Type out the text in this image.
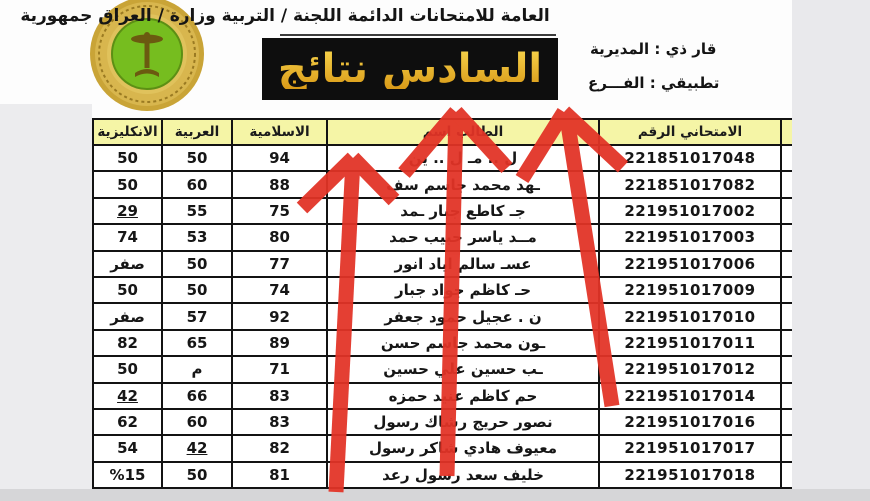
العامة للامتحانات الدائمة اللجنة / التربية وزارة / العراق جمهورية
السادس نتائج	قار ذي : المديرية
تطبيقي : الفـــرع
الانكليزية	العربية	الاسلامية	الطالب اسم	الامتحاني الرقم	
50	50	94	ل .. مـ ل .. ين	221851017048	
50	60	88	ـهد محمد جاسم سف	221851017082	
29	55	75	جـ كاطع جبار ـمد	221951017002	
74	53	80	مــد ياسر حبيب حمد	221951017003	
صفر	50	77	عسـ سالم اياد انور	221951017006	
50	50	74	حـ كاظم جواد جبار	221951017009	
صفر	57	92	ن . عجيل حمود جعفر	221951017010	
82	65	89	ـون محمد جاسم حسن	221951017011	
50	م	71	ـب حسين علي حسين	221951017012	
42	66	83	حم كاظم عنيد حمزه	221951017014	
62	60	83	نصور حريج رشاك رسول	221951017016	
54	42	82	معيوف هادي شاكر رسول	221951017017	
%15	50	81	خليف سعد رسول رعد	221951017018	
